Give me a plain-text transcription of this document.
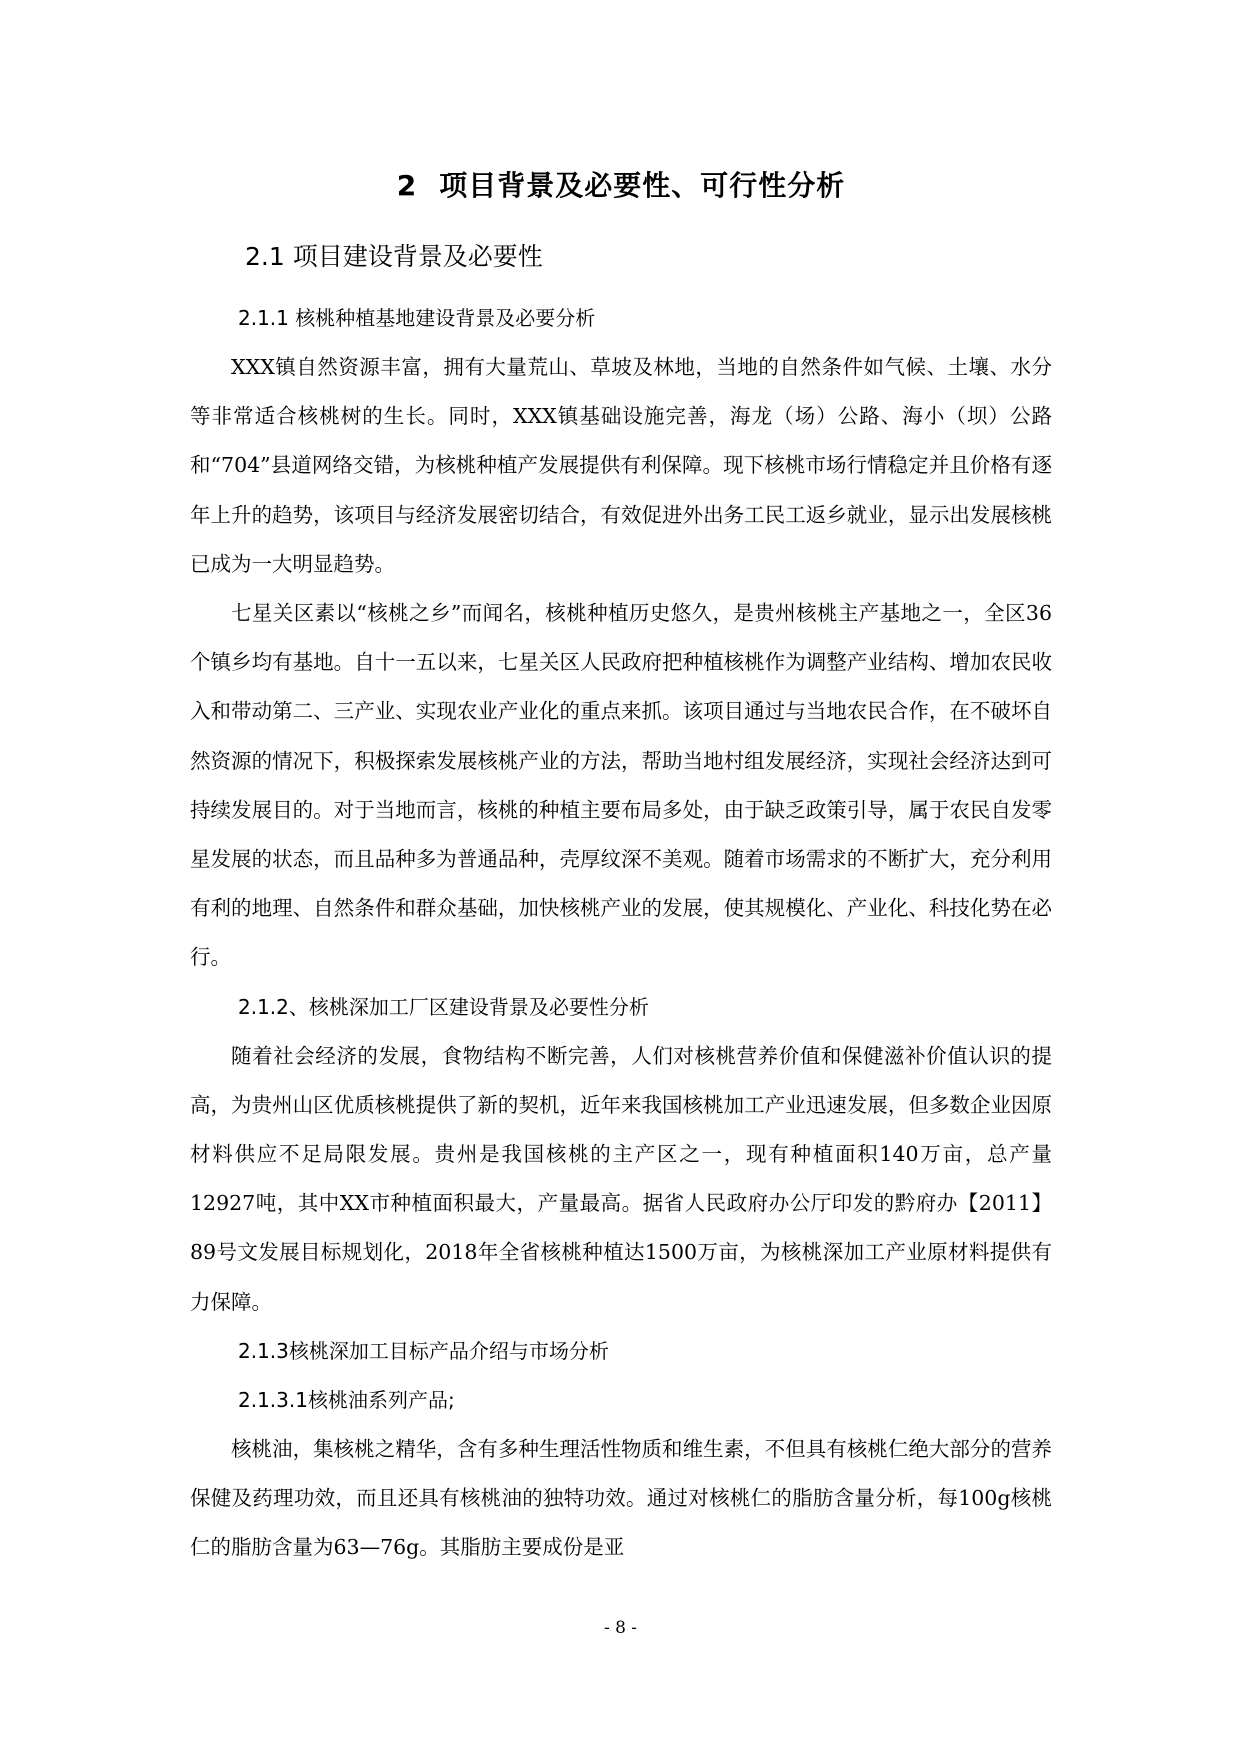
2 项目背景及必要性、可行性分析
2.1 项目建设背景及必要性
2.1.1 核桃种植基地建设背景及必要分析

XXX镇自然资源丰富，拥有大量荒山、草坡及林地，当地的自然条件如气候、土壤、水分等非常适合核桃树的生长。同时，XXX镇基础设施完善，海龙（场）公路、海小（坝）公路和“704”县道网络交错，为核桃种植产发展提供有利保障。现下核桃市场行情稳定并且价格有逐年上升的趋势，该项目与经济发展密切结合，有效促进外出务工民工返乡就业，显示出发展核桃已成为一大明显趋势。

七星关区素以“核桃之乡”而闻名，核桃种植历史悠久，是贵州核桃主产基地之一，全区36个镇乡均有基地。自十一五以来，七星关区人民政府把种植核桃作为调整产业结构、增加农民收入和带动第二、三产业、实现农业产业化的重点来抓。该项目通过与当地农民合作，在不破坏自然资源的情况下，积极探索发展核桃产业的方法，帮助当地村组发展经济，实现社会经济达到可持续发展目的。对于当地而言，核桃的种植主要布局多处，由于缺乏政策引导，属于农民自发零星发展的状态，而且品种多为普通品种，壳厚纹深不美观。随着市场需求的不断扩大，充分利用有利的地理、自然条件和群众基础，加快核桃产业的发展，使其规模化、产业化、科技化势在必行。

2.1.2、核桃深加工厂区建设背景及必要性分析

随着社会经济的发展，食物结构不断完善，人们对核桃营养价值和保健滋补价值认识的提高，为贵州山区优质核桃提供了新的契机，近年来我国核桃加工产业迅速发展，但多数企业因原材料供应不足局限发展。贵州是我国核桃的主产区之一，现有种植面积140万亩，总产量12927吨，其中XX市种植面积最大，产量最高。据省人民政府办公厅印发的黔府办【2011】89号文发展目标规划化，2018年全省核桃种植达1500万亩，为核桃深加工产业原材料提供有力保障。

2.1.3核桃深加工目标产品介绍与市场分析
2.1.3.1核桃油系列产品;

核桃油，集核桃之精华，含有多种生理活性物质和维生素，不但具有核桃仁绝大部分的营养保健及药理功效，而且还具有核桃油的独特功效。通过对核桃仁的脂肪含量分析，每100g核桃仁的脂肪含量为63—76g。其脂肪主要成份是亚

- 8 -
